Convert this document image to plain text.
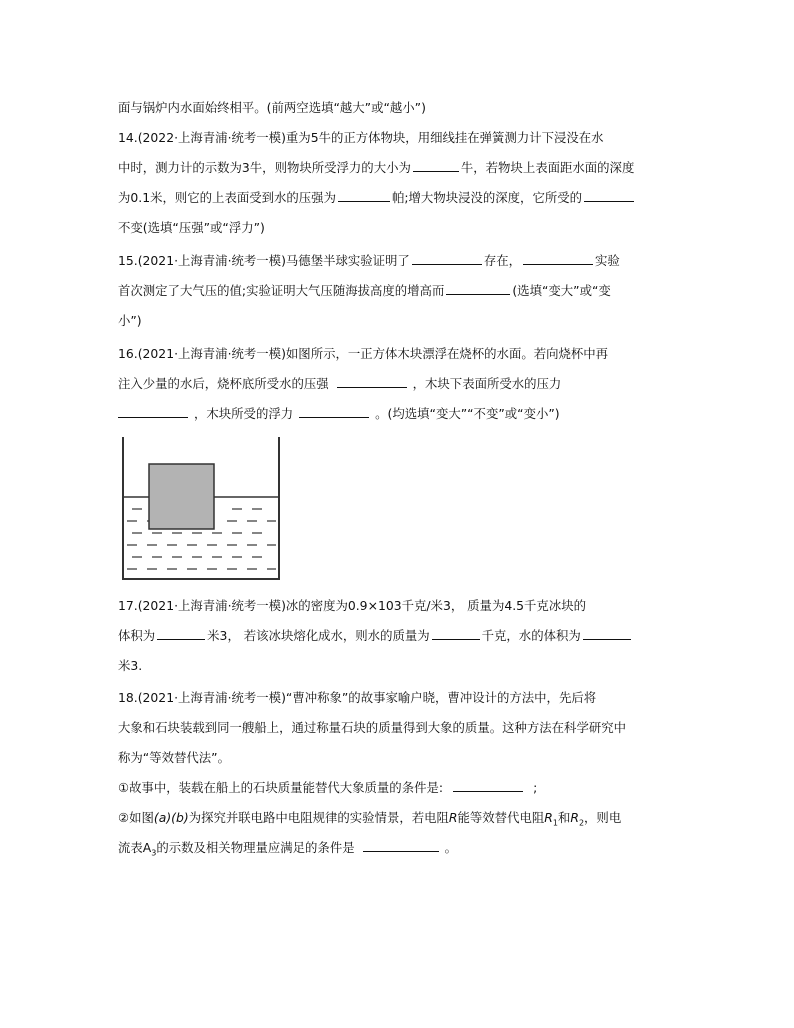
面与锅炉内水面始终相平。(前两空选填“越大”或“越小”)
14.(2022·上海青浦·统考一模)重为5牛的正方体物块，用细线挂在弹簧测力计下浸没在水
中时，测力计的示数为3牛，则物块所受浮力的大小为	牛，若物块上表面距水面的深度
为0.1米，则它的上表面受到水的压强为	帕;增大物块浸没的深度，它所受的
不变(选填“压强”或“浮力”)
15.(2021·上海青浦·统考一模)马德堡半球实验证明了	存在，	实验
首次测定了大气压的值;实验证明大气压随海拔高度的增高而	(选填“变大”或“变
小”)
16.(2021·上海青浦·统考一模)如图所示，一正方体木块漂浮在烧杯的水面。若向烧杯中再
注入少量的水后，烧杯底所受水的压强	，木块下表面所受水的压力
，木块所受的浮力	。(均选填“变大”“不变”或“变小”)
17.(2021·上海青浦·统考一模)冰的密度为0.9×103千克/米3， 质量为4.5千克冰块的
体积为	米3， 若该冰块熔化成水，则水的质量为	千克，水的体积为
米3.
18.(2021·上海青浦·统考一模)“曹冲称象”的故事家喻户晓，曹冲设计的方法中，先后将
大象和石块装载到同一艘船上，通过称量石块的质量得到大象的质量。这种方法在科学研究中
称为“等效替代法”。
①故事中，装载在船上的石块质量能替代大象质量的条件是:	;
②如图(a)(b)为探究并联电路中电阻规律的实验情景，若电阻R能等效替代电阻$R_1$和$R_2$，则电
流表$A_3$的示数及相关物理量应满足的条件是	。
